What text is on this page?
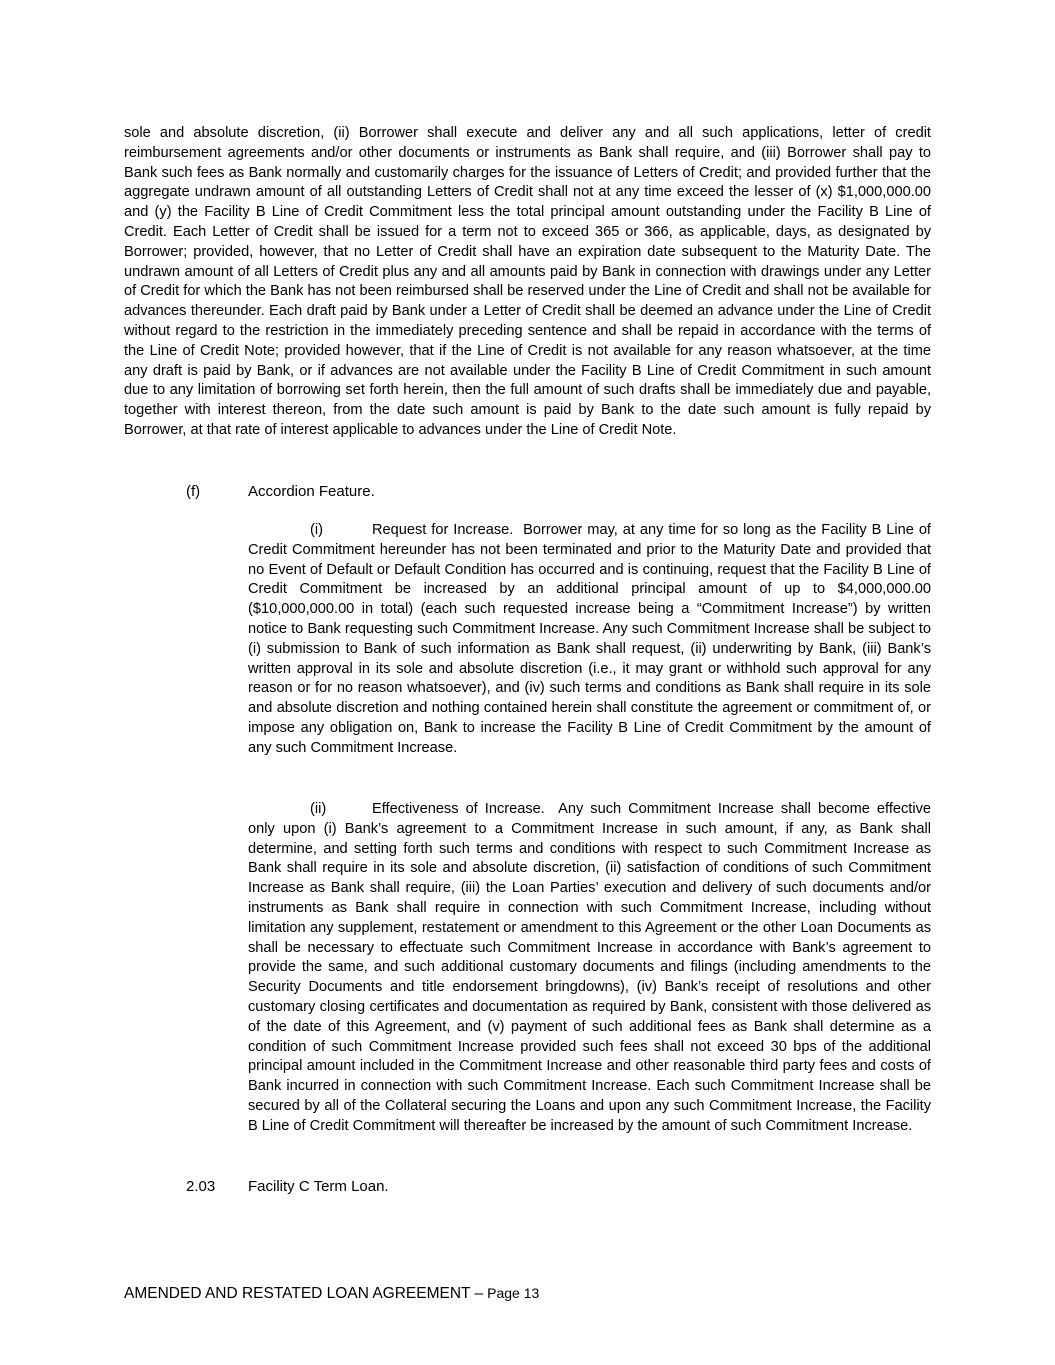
sole and absolute discretion, (ii) Borrower shall execute and deliver any and all such applications, letter of credit reimbursement agreements and/or other documents or instruments as Bank shall require, and (iii) Borrower shall pay to Bank such fees as Bank normally and customarily charges for the issuance of Letters of Credit; and provided further that the aggregate undrawn amount of all outstanding Letters of Credit shall not at any time exceed the lesser of (x) $1,000,000.00 and (y) the Facility B Line of Credit Commitment less the total principal amount outstanding under the Facility B Line of Credit. Each Letter of Credit shall be issued for a term not to exceed 365 or 366, as applicable, days, as designated by Borrower; provided, however, that no Letter of Credit shall have an expiration date subsequent to the Maturity Date. The undrawn amount of all Letters of Credit plus any and all amounts paid by Bank in connection with drawings under any Letter of Credit for which the Bank has not been reimbursed shall be reserved under the Line of Credit and shall not be available for advances thereunder. Each draft paid by Bank under a Letter of Credit shall be deemed an advance under the Line of Credit without regard to the restriction in the immediately preceding sentence and shall be repaid in accordance with the terms of the Line of Credit Note; provided however, that if the Line of Credit is not available for any reason whatsoever, at the time any draft is paid by Bank, or if advances are not available under the Facility B Line of Credit Commitment in such amount due to any limitation of borrowing set forth herein, then the full amount of such drafts shall be immediately due and payable, together with interest thereon, from the date such amount is paid by Bank to the date such amount is fully repaid by Borrower, at that rate of interest applicable to advances under the Line of Credit Note.
(f)	Accordion Feature.
(i)	Request for Increase. Borrower may, at any time for so long as the Facility B Line of Credit Commitment hereunder has not been terminated and prior to the Maturity Date and provided that no Event of Default or Default Condition has occurred and is continuing, request that the Facility B Line of Credit Commitment be increased by an additional principal amount of up to $4,000,000.00 ($10,000,000.00 in total) (each such requested increase being a “Commitment Increase”) by written notice to Bank requesting such Commitment Increase. Any such Commitment Increase shall be subject to (i) submission to Bank of such information as Bank shall request, (ii) underwriting by Bank, (iii) Bank’s written approval in its sole and absolute discretion (i.e., it may grant or withhold such approval for any reason or for no reason whatsoever), and (iv) such terms and conditions as Bank shall require in its sole and absolute discretion and nothing contained herein shall constitute the agreement or commitment of, or impose any obligation on, Bank to increase the Facility B Line of Credit Commitment by the amount of any such Commitment Increase.
(ii)	Effectiveness of Increase. Any such Commitment Increase shall become effective only upon (i) Bank’s agreement to a Commitment Increase in such amount, if any, as Bank shall determine, and setting forth such terms and conditions with respect to such Commitment Increase as Bank shall require in its sole and absolute discretion, (ii) satisfaction of conditions of such Commitment Increase as Bank shall require, (iii) the Loan Parties’ execution and delivery of such documents and/or instruments as Bank shall require in connection with such Commitment Increase, including without limitation any supplement, restatement or amendment to this Agreement or the other Loan Documents as shall be necessary to effectuate such Commitment Increase in accordance with Bank’s agreement to provide the same, and such additional customary documents and filings (including amendments to the Security Documents and title endorsement bringdowns), (iv) Bank’s receipt of resolutions and other customary closing certificates and documentation as required by Bank, consistent with those delivered as of the date of this Agreement, and (v) payment of such additional fees as Bank shall determine as a condition of such Commitment Increase provided such fees shall not exceed 30 bps of the additional principal amount included in the Commitment Increase and other reasonable third party fees and costs of Bank incurred in connection with such Commitment Increase. Each such Commitment Increase shall be secured by all of the Collateral securing the Loans and upon any such Commitment Increase, the Facility B Line of Credit Commitment will thereafter be increased by the amount of such Commitment Increase.
2.03 Facility C Term Loan.
AMENDED AND RESTATED LOAN AGREEMENT – Page 13
